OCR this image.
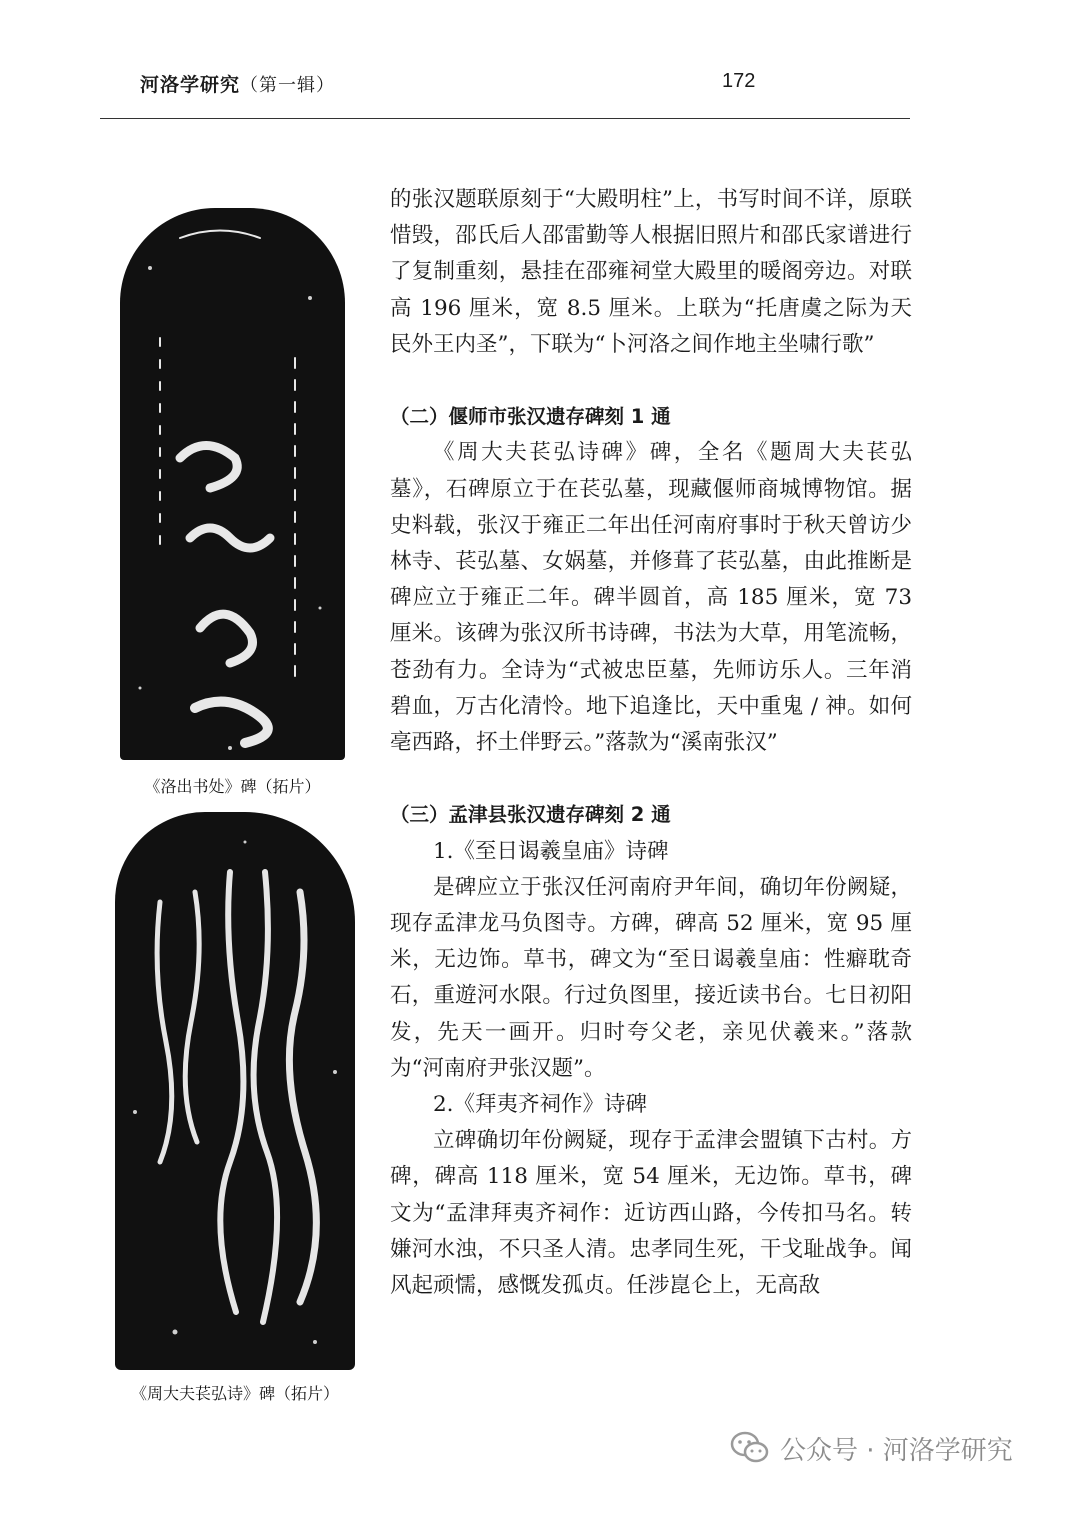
河洛学研究（第一辑）	172
《洛出书处》碑（拓片）
《周大夫苌弘诗》碑（拓片）

的张汉题联原刻于“大殿明柱”上，书写时间不详，原联惜毁，邵氏后人邵雷勤等人根据旧照片和邵氏家谱进行了复制重刻，悬挂在邵雍祠堂大殿里的暖阁旁边。对联高 196 厘米，宽 8.5 厘米。上联为“托唐虞之际为天民外王内圣”，下联为“卜河洛之间作地主坐啸行歌”

（二）偃师市张汉遗存碑刻 1 通

《周大夫苌弘诗碑》碑，全名《题周大夫苌弘墓》，石碑原立于在苌弘墓，现藏偃师商城博物馆。据史料载，张汉于雍正二年出任河南府事时于秋天曾访少林寺、苌弘墓、女娲墓，并修葺了苌弘墓，由此推断是碑应立于雍正二年。碑半圆首，高 185 厘米，宽 73 厘米。该碑为张汉所书诗碑，书法为大草，用笔流畅，苍劲有力。全诗为“式被忠臣墓，先师访乐人。三年消碧血，万古化清怜。地下追逢比，天中重鬼 / 神。如何亳西路，抔土伴野云。”落款为“溪南张汉”

（三）孟津县张汉遗存碑刻 2 通

1.《至日谒羲皇庙》诗碑

是碑应立于张汉任河南府尹年间，确切年份阙疑，现存孟津龙马负图寺。方碑，碑高 52 厘米，宽 95 厘米，无边饰。草书，碑文为“至日谒羲皇庙：性癖耽奇石，重遊河水限。行过负图里，接近读书台。七日初阳发，先天一画开。归时夸父老，亲见伏羲来。”落款为“河南府尹张汉题”。

2.《拜夷齐祠作》诗碑

立碑确切年份阙疑，现存于孟津会盟镇下古村。方碑，碑高 118 厘米，宽 54 厘米，无边饰。草书，碑文为“孟津拜夷齐祠作：近访西山路，今传扣马名。转嫌河水浊，不只圣人清。忠孝同生死，干戈耻战争。闻风起顽懦，感慨发孤贞。任涉崑仑上，无高敌

公众号 · 河洛学研究
